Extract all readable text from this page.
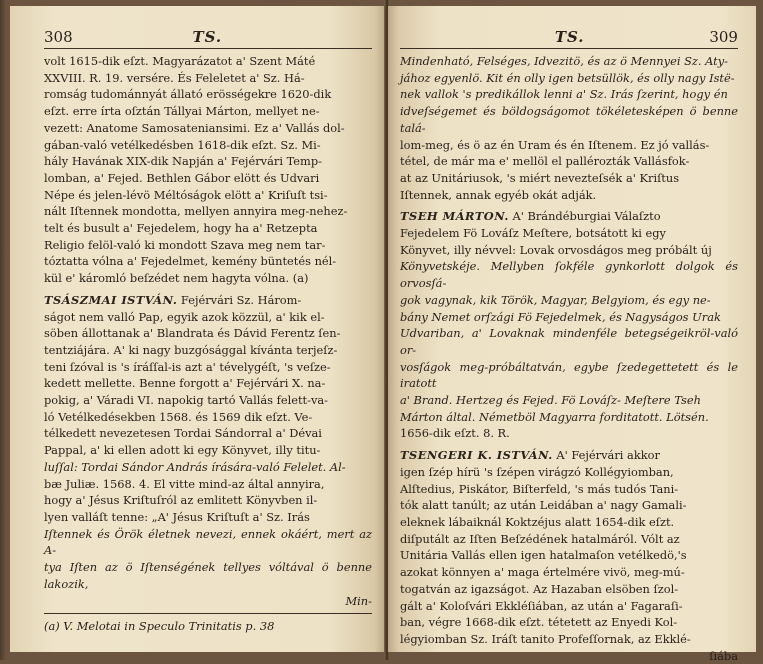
308	TS.

volt 1615-dik eſzt. Magyarázatot a' Szent Máté

XXVIII. R. 19. versére. És Feleletet a' Sz. Há-

romság tudománnyát állató erösségekre 1620-dik

eſzt. erre írta oſztán Tállyai Márton, mellyet ne-

vezett: Anatome Samosateniansimi. Ez a' Vallás dol-

gában-való vetélkedésben 1618-dik eſzt. Sz. Mi-

hály Havának XIX-dik Napján a' Fejérvári Temp-

lomban, a' Fejed. Bethlen Gábor elött és Udvari

Népe és jelen-lévö Méltóságok elött a' Kriſuſt tsi-

nált Iſtennek mondotta, mellyen annyira meg-nehez-

telt és busult a' Fejedelem, hogy ha a' Retzepta

Religio felöl-való ki mondott Szava meg nem tar-

tóztatta vólna a' Fejedelmet, kemény büntetés nél-

kül e' káromló beſzédet nem hagyta vólna. (a)

TSÁSZMAI ISTVÁN. Fejérvári Sz. Három-

ságot nem valló Pap, egyik azok közzül, a' kik el-

söben állottanak a' Blandrata és Dávid Ferentz ſen-

tentziájára. A' ki nagy buzgósággal kívánta terjeſz-

teni ſzóval is 's íráſſal-is azt a' tévelygéſt, 's veſze-

kedett mellette. Benne forgott a' Fejérvári X. na-

pokig, a' Váradi VI. napokig tartó Vallás felett-va-

ló Vetélkedésekben 1568. és 1569 dik eſzt. Ve-

télkedett nevezetesen Tordai Sándorral a' Dévai

Pappal, a' ki ellen adott ki egy Könyvet, illy titu-

luſſal: Tordai Sándor András írására-való Felelet. Al-

bæ Juliæ. 1568. 4. El vitte mind-az által annyira,

hogy a' Jésus Kriſtuſról az emlitett Könyvben il-

lyen valláſt tenne: „A' Jésus Kriſtuſt a' Sz. Irás

Iſtennek és Örök életnek nevezi, ennek okáért, mert az A-

tya Iſten az ö Iſtenségének tellyes vóltával ö benne lakozik,

Min-

(a) V. Melotai in Speculo Trinitatis p. 38
TS.	309

Mindenható, Felséges, Idvezitö, és az ö Mennyei Sz. Aty-

jához egyenlö. Kit én olly igen betsüllök, és olly nagy Istë-

nek vallok 's predikállok lenni a' Sz. Irás ſzerint, hogy én

idveſségemet és böldogságomot tökéletesképen ö benne talá-

lom-meg, és ö az én Uram és én Iſtenem. Ez jó vallás-

tétel, de már ma e' mellöl el pallérozták Vallásfok-

at az Unitáriusok, 's miért nevezteſsék a' Kriſtus

Iſtennek, annak egyéb okát adják.

TSEH MÁRTON. A' Brándéburgiai Válaſzto

Fejedelem Fö Lováſz Meſtere, botsátott ki egy

Könyvet, illy névvel: Lovak orvosdágos meg próbált új

Könyvetskéje. Mellyben ſokféle gynkorlott dolgok és orvosſá-

gok vagynak, kik Török, Magyar, Belgyiom, és egy ne-

bány Nemet orſzági Fö Fejedelmek, és Nagyságos Urak

Udvariban, a' Lovaknak mindenféle betegségeikröl-való or-

vosſágok meg-próbáltatván, egybe ſzedegettetett és le iratott

a' Brand. Hertzeg és Fejed. Fö Lováſz- Meſtere Tseh

Márton által. Németböl Magyarra forditatott. Lötsén.

1656-dik eſzt. 8. R.

TSENGERI K. ISTVÁN. A' Fejérvári akkor

igen ſzép hírü 's ſzépen virágzó Kollégyiomban,

Alſtedius, Piskátor, Biſterfeld, 's más tudós Tani-

tók alatt tanúlt; az után Leidában a' nagy Gamali-

eleknek lábaiknál Koktzéjus alatt 1654-dik eſzt.

diſputált az Iſten Beſzédének hatalmáról. Vólt az

Unitária Vallás ellen igen hatalmaſon vetélkedö,'s

azokat könnyen a' maga értelmére vivö, meg-mú-

togatván az igazságot. Az Hazaban elsöben ſzol-

gált a' Koloſvári Ekkléſiában, az után a' Fagaraſi-

ban, végre 1668-dik eſzt. tétetett az Enyedi Kol-

légyiomban Sz. Iráſt tanito Profeſſornak, az Ekklé-

ſiába
